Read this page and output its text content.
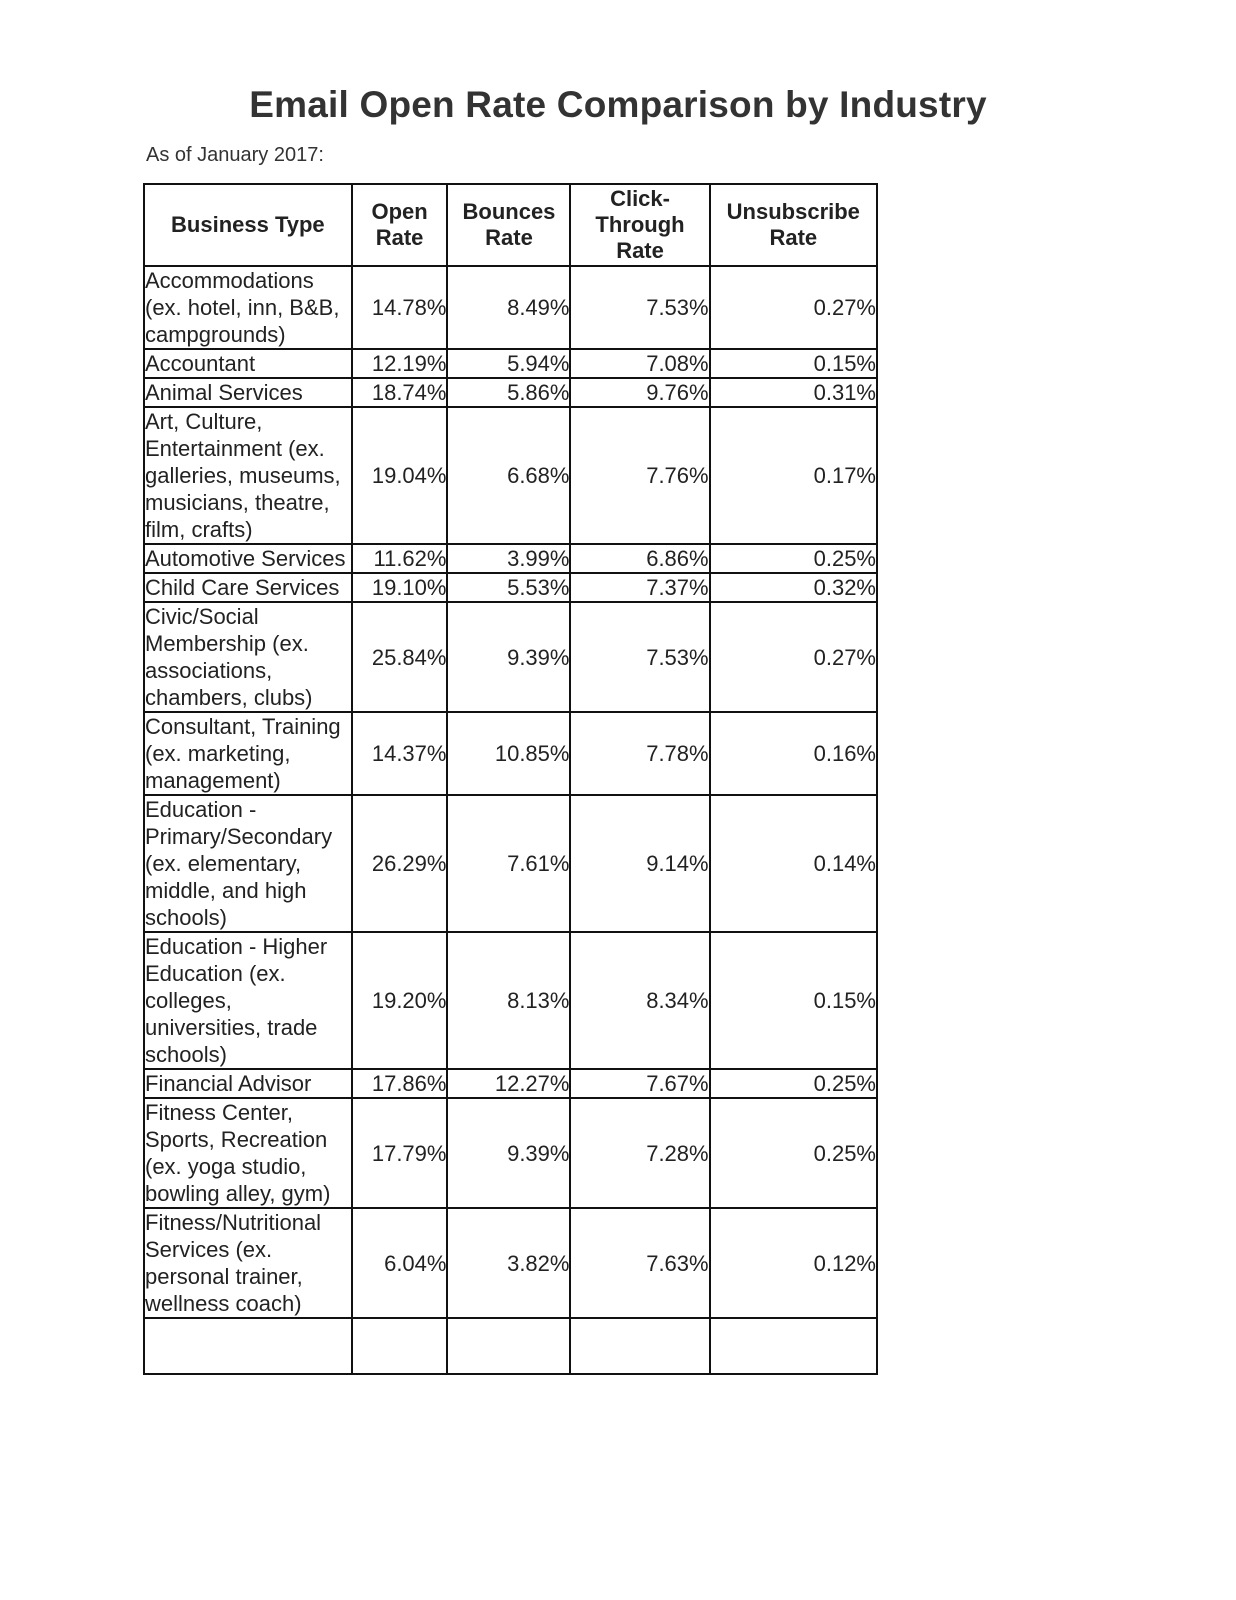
Email Open Rate Comparison by Industry
As of January 2017:
Business Type	Open Rate	Bounces Rate	Click-Through Rate	Unsubscribe Rate
Accommodations (ex. hotel, inn, B&B, campgrounds)	14.78%	8.49%	7.53%	0.27%
Accountant	12.19%	5.94%	7.08%	0.15%
Animal Services	18.74%	5.86%	9.76%	0.31%
Art, Culture, Entertainment (ex. galleries, museums, musicians, theatre, film, crafts)	19.04%	6.68%	7.76%	0.17%
Automotive Services	11.62%	3.99%	6.86%	0.25%
Child Care Services	19.10%	5.53%	7.37%	0.32%
Civic/Social Membership (ex. associations, chambers, clubs)	25.84%	9.39%	7.53%	0.27%
Consultant, Training (ex. marketing, management)	14.37%	10.85%	7.78%	0.16%
Education - Primary/Secondary (ex. elementary, middle, and high schools)	26.29%	7.61%	9.14%	0.14%
Education - Higher Education (ex. colleges, universities, trade schools)	19.20%	8.13%	8.34%	0.15%
Financial Advisor	17.86%	12.27%	7.67%	0.25%
Fitness Center, Sports, Recreation (ex. yoga studio, bowling alley, gym)	17.79%	9.39%	7.28%	0.25%
Fitness/Nutritional Services (ex. personal trainer, wellness coach)	6.04%	3.82%	7.63%	0.12%
